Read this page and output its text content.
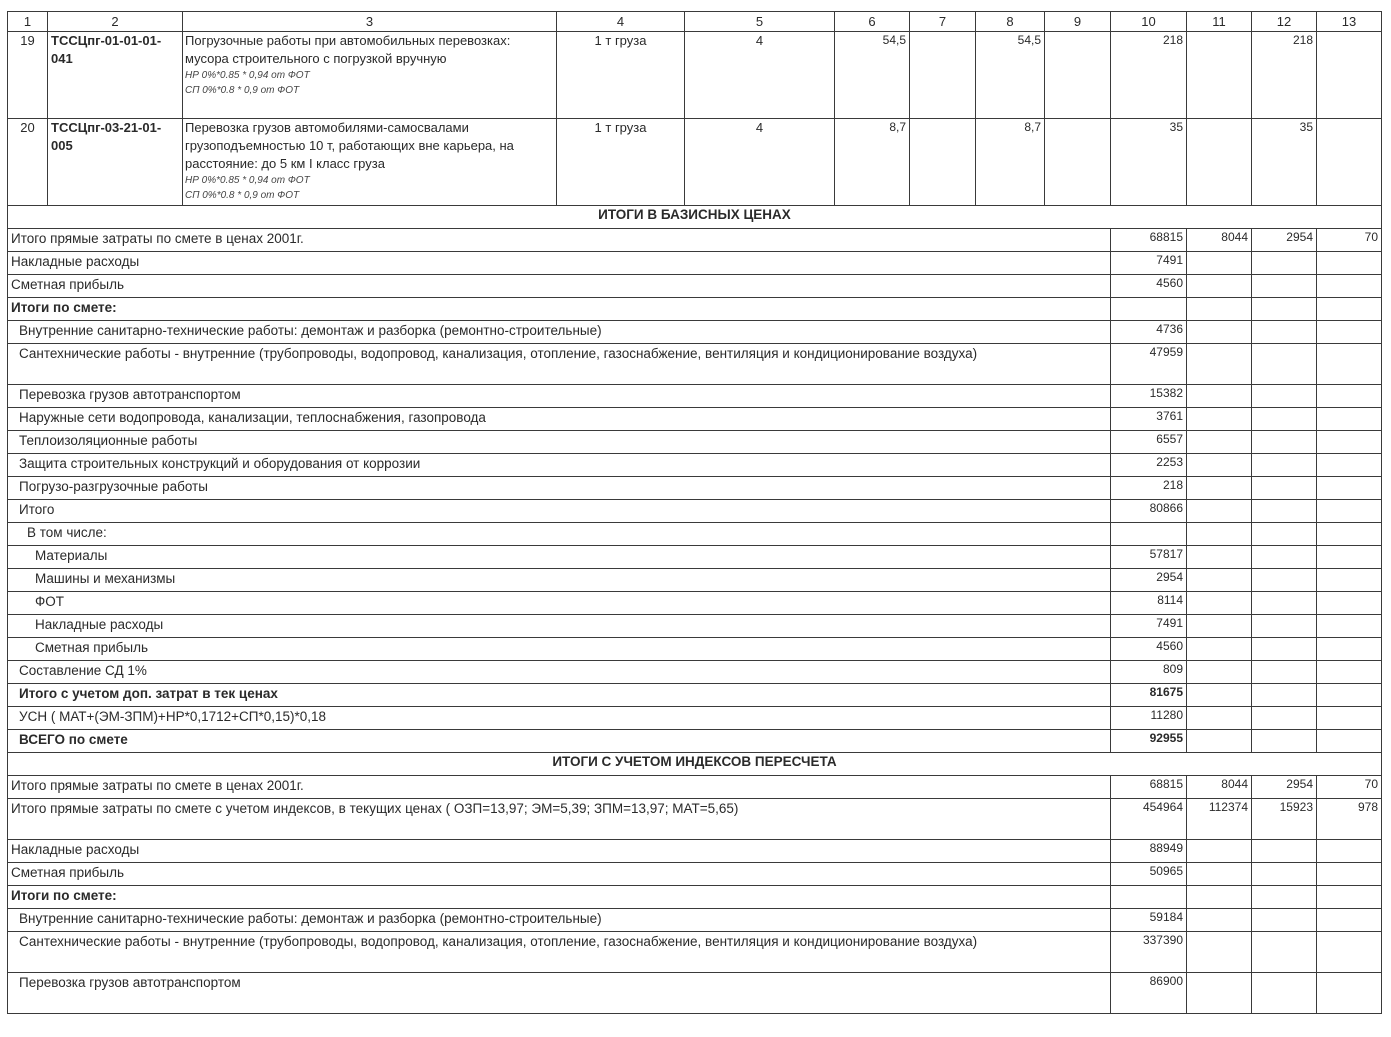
1	2	3	4	5	6	7	8	9	10	11	12	13
19	ТССЦпг-01-01-01-041	Погрузочные работы при автомобильных перевозках: мусора строительного с погрузкой вручную
НР 0%*0.85 * 0,94 от ФОТ
СП 0%*0.8 * 0,9 от ФОТ	1 т груза	4	54,5		54,5		218		218	
20	ТССЦпг-03-21-01-005	Перевозка грузов автомобилями-самосвалами грузоподъемностью 10 т, работающих вне карьера, на расстояние: до 5 км I класс груза
НР 0%*0.85 * 0,94 от ФОТ
СП 0%*0.8 * 0,9 от ФОТ	1 т груза	4	8,7		8,7		35		35	
ИТОГИ В БАЗИСНЫХ ЦЕНАХ												
Итого прямые затраты по смете в ценах 2001г.									68815	8044	2954	70
Накладные расходы									7491			
Сметная прибыль									4560			
Итоги по смете:												
Внутренние санитарно-технические работы: демонтаж и разборка (ремонтно-строительные)									4736			
Сантехнические работы - внутренние (трубопроводы, водопровод, канализация, отопление, газоснабжение, вентиляция и кондиционирование воздуха)									47959			
Перевозка грузов автотранспортом									15382			
Наружные сети водопровода, канализации, теплоснабжения, газопровода									3761			
Теплоизоляционные работы									6557			
Защита строительных конструкций и оборудования от коррозии									2253			
Погрузо-разгрузочные работы									218			
Итого									80866			
В том числе:												
Материалы									57817			
Машины и механизмы									2954			
ФОТ									8114			
Накладные расходы									7491			
Сметная прибыль									4560			
Составление СД 1%									809			
Итого с учетом доп. затрат в тек ценах									81675			
УСН ( МАТ+(ЭМ-ЗПМ)+НР*0,1712+СП*0,15)*0,18									11280			
ВСЕГО по смете									92955			
ИТОГИ С УЧЕТОМ ИНДЕКСОВ ПЕРЕСЧЕТА												
Итого прямые затраты по смете в ценах 2001г.									68815	8044	2954	70
Итого прямые затраты по смете с учетом индексов, в текущих ценах ( ОЗП=13,97; ЭМ=5,39; ЗПМ=13,97; МАТ=5,65)									454964	112374	15923	978
Накладные расходы									88949			
Сметная прибыль									50965			
Итоги по смете:												
Внутренние санитарно-технические работы: демонтаж и разборка (ремонтно-строительные)									59184			
Сантехнические работы - внутренние (трубопроводы, водопровод, канализация, отопление, газоснабжение, вентиляция и кондиционирование воздуха)									337390			
Перевозка грузов автотранспортом									86900			
